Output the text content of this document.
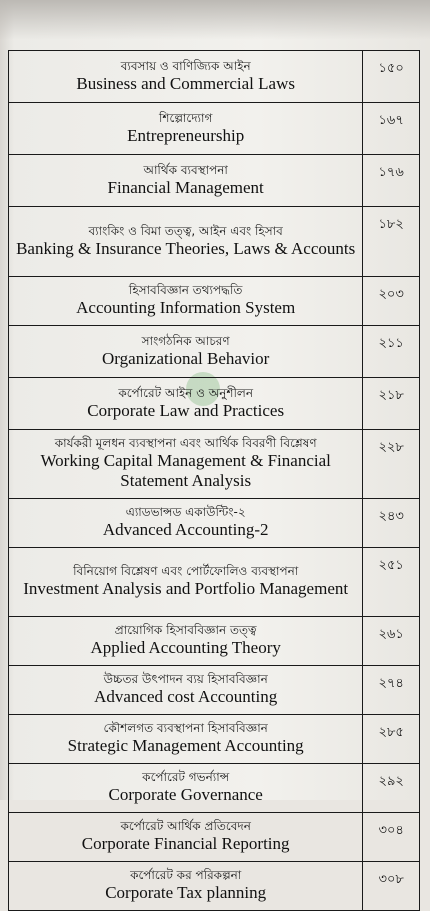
ব্যবসায় ও বাণিজ্যিক আইন
Business and Commercial Laws	১৫০

শিল্পোদ্যোগ
Entrepreneurship	১৬৭

আর্থিক ব্যবস্থাপনা
Financial Management	১৭৬

ব্যাংকিং ও বিমা তত্ত্ব, আইন এবং হিসাব
Banking & Insurance Theories, Laws & Accounts	১৮২

হিসাববিজ্ঞান তথ্যপদ্ধতি
Accounting Information System	২০৩

সাংগঠনিক আচরণ
Organizational Behavior	২১১

কর্পোরেট আইন ও অনুশীলন
Corporate Law and Practices	২১৮

কার্যকরী মূলধন ব্যবস্থাপনা এবং আর্থিক বিবরণী বিশ্লেষণ
Working Capital Management & Financial Statement Analysis	২২৮

এ্যাডভান্সড একাউন্টিং-২
Advanced Accounting-2	২৪৩

বিনিয়োগ বিশ্লেষণ এবং পোর্টফোলিও ব্যবস্থাপনা
Investment Analysis and Portfolio Management	২৫১

প্রায়োগিক হিসাববিজ্ঞান তত্ত্ব
Applied Accounting Theory	২৬১

উচ্চতর উৎপাদন ব্যয় হিসাববিজ্ঞান
Advanced cost Accounting	২৭৪

কৌশলগত ব্যবস্থাপনা হিসাববিজ্ঞান
Strategic Management Accounting	২৮৫

কর্পোরেট গভর্ন্যান্স
Corporate Governance	২৯২

কর্পোরেট আর্থিক প্রতিবেদন
Corporate Financial Reporting	৩০৪

কর্পোরেট কর পরিকল্পনা
Corporate Tax planning	৩০৮
